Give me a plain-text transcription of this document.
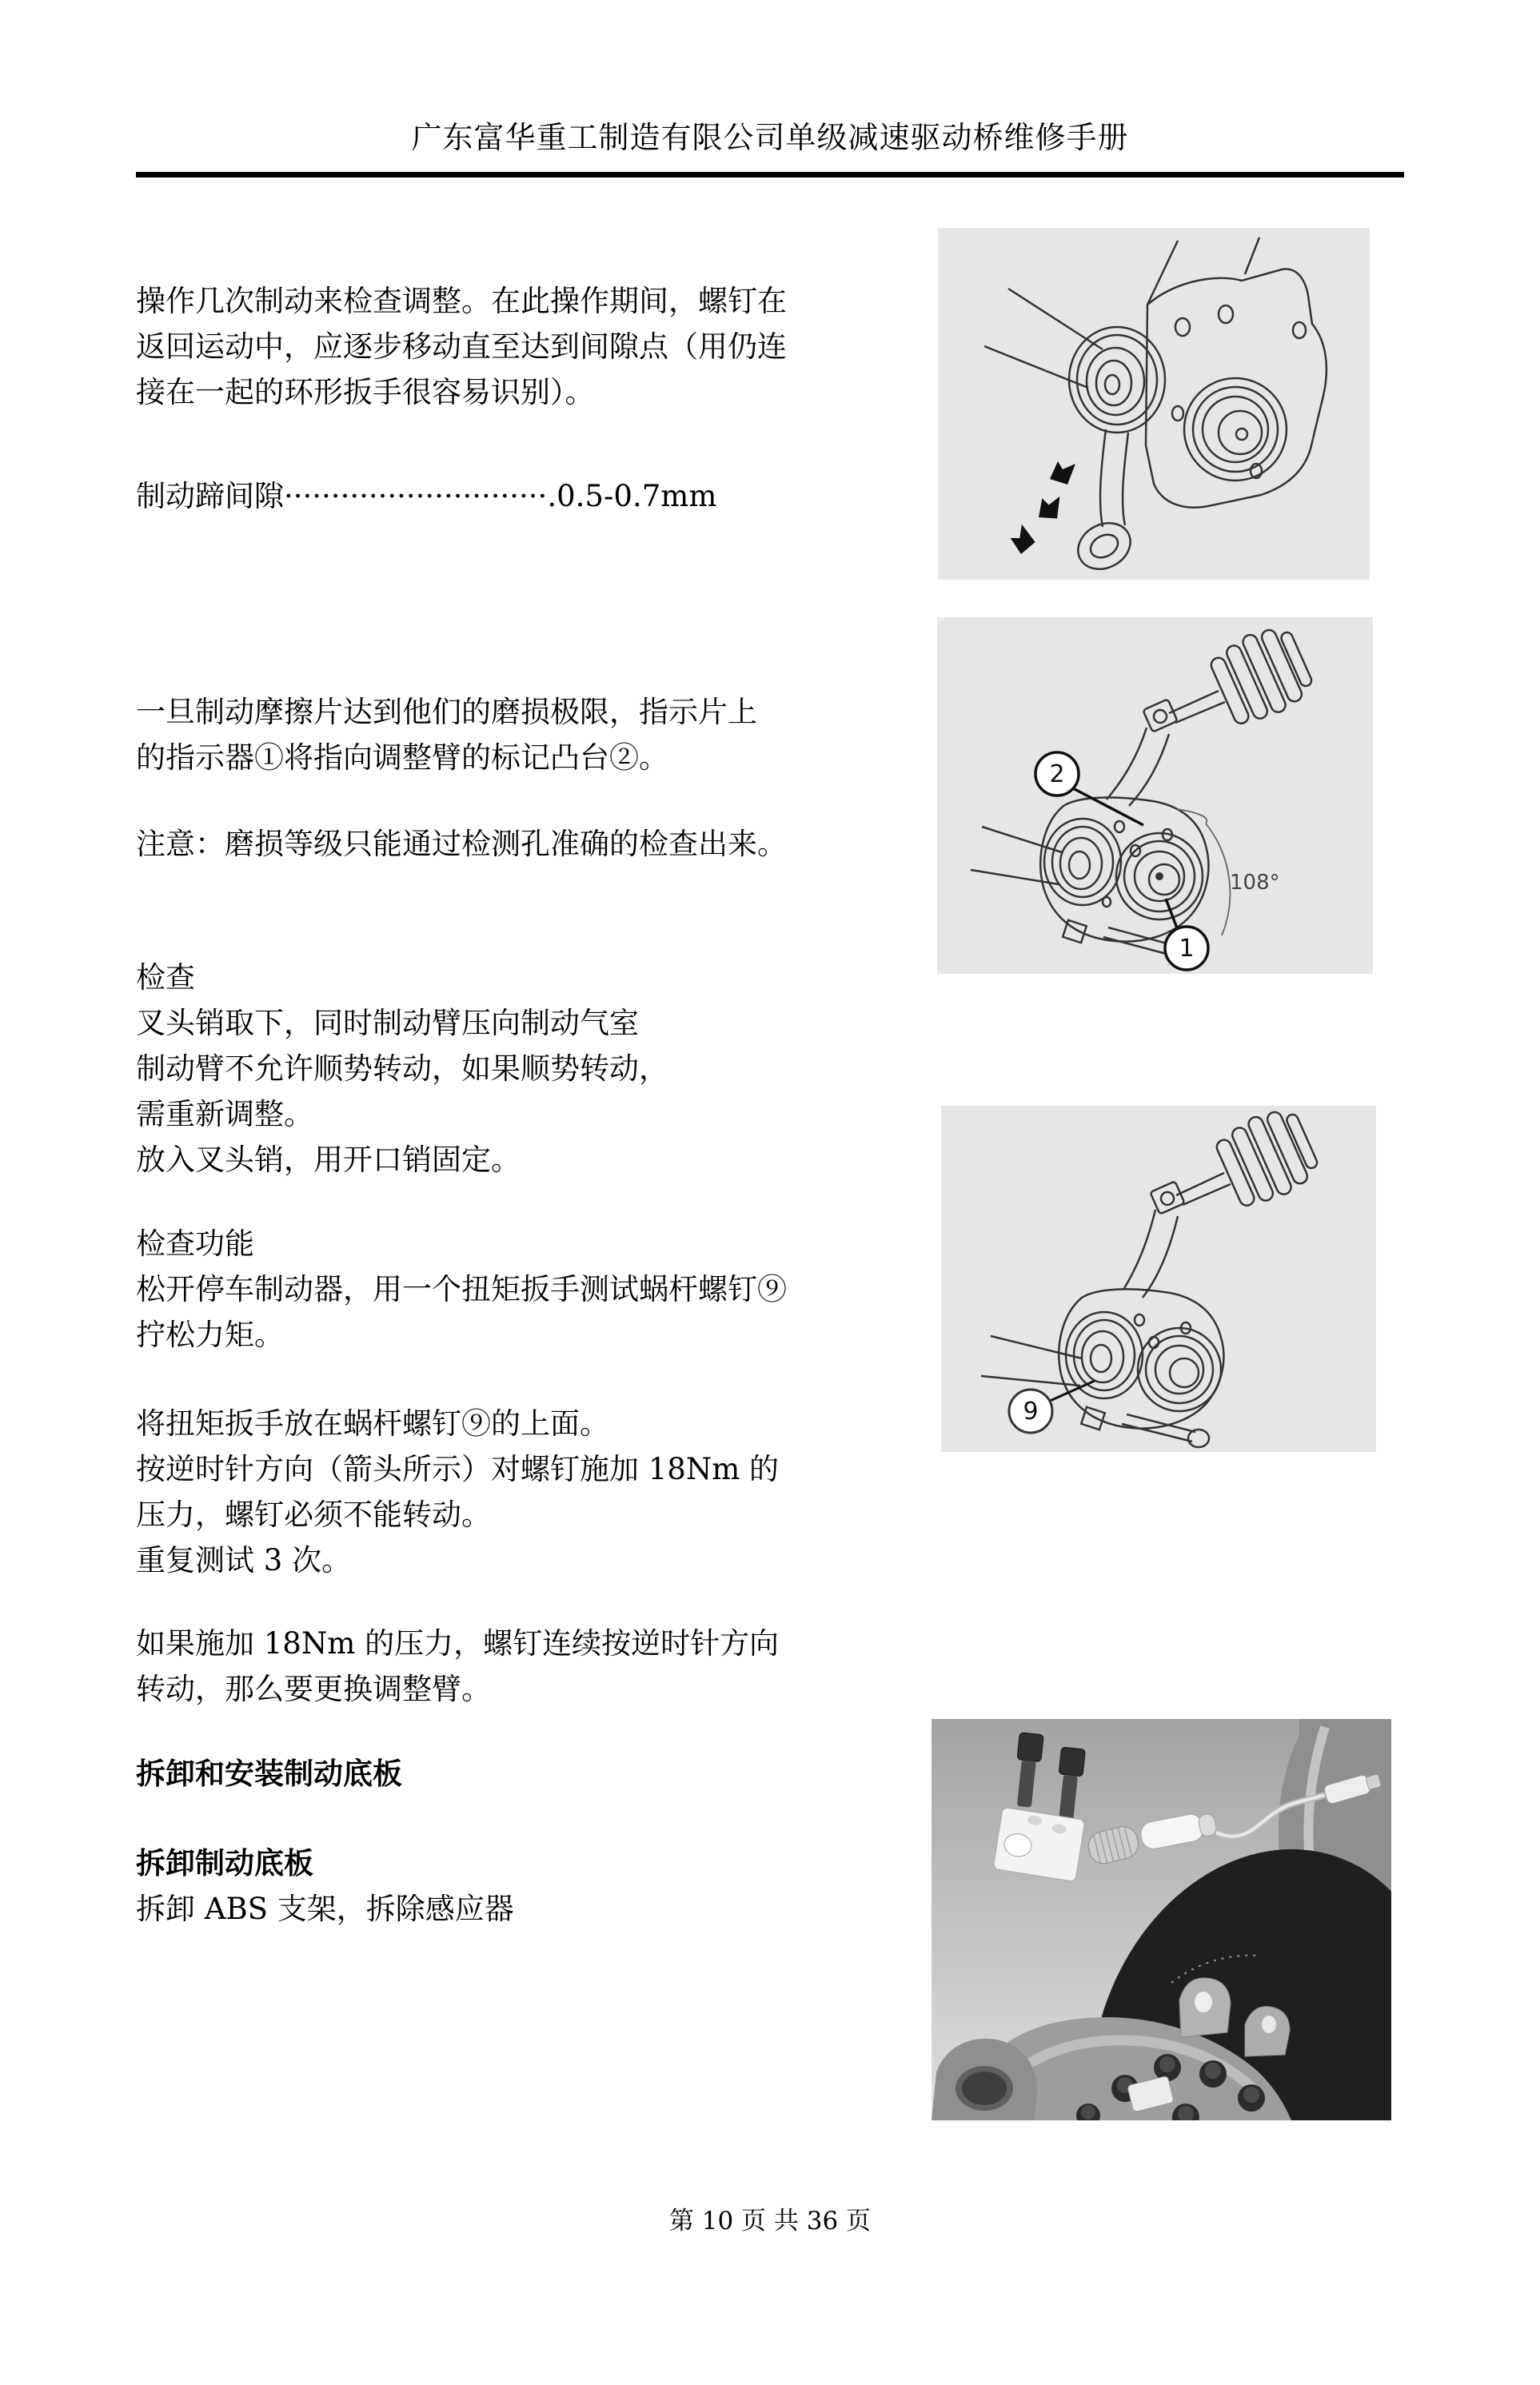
广东富华重工制造有限公司单级减速驱动桥维修手册
操作几次制动来检查调整。在此操作期间，螺钉在
返回运动中，应逐步移动直至达到间隙点（用仍连
接在一起的环形扳手很容易识别）。
制动蹄间隙····························.0.5-0.7mm
一旦制动摩擦片达到他们的磨损极限，指示片上
的指示器①将指向调整臂的标记凸台②。
注意：磨损等级只能通过检测孔准确的检查出来。
检查
叉头销取下，同时制动臂压向制动气室
制动臂不允许顺势转动，如果顺势转动，
需重新调整。
放入叉头销，用开口销固定。
检查功能
松开停车制动器，用一个扭矩扳手测试蜗杆螺钉⑨
拧松力矩。
将扭矩扳手放在蜗杆螺钉⑨的上面。
按逆时针方向（箭头所示）对螺钉施加 18Nm 的
压力，螺钉必须不能转动。
重复测试 3 次。
如果施加 18Nm 的压力，螺钉连续按逆时针方向
转动，那么要更换调整臂。
拆卸和安装制动底板
拆卸制动底板
拆卸 ABS 支架，拆除感应器
108°
2
1
9
第 10 页 共 36 页
